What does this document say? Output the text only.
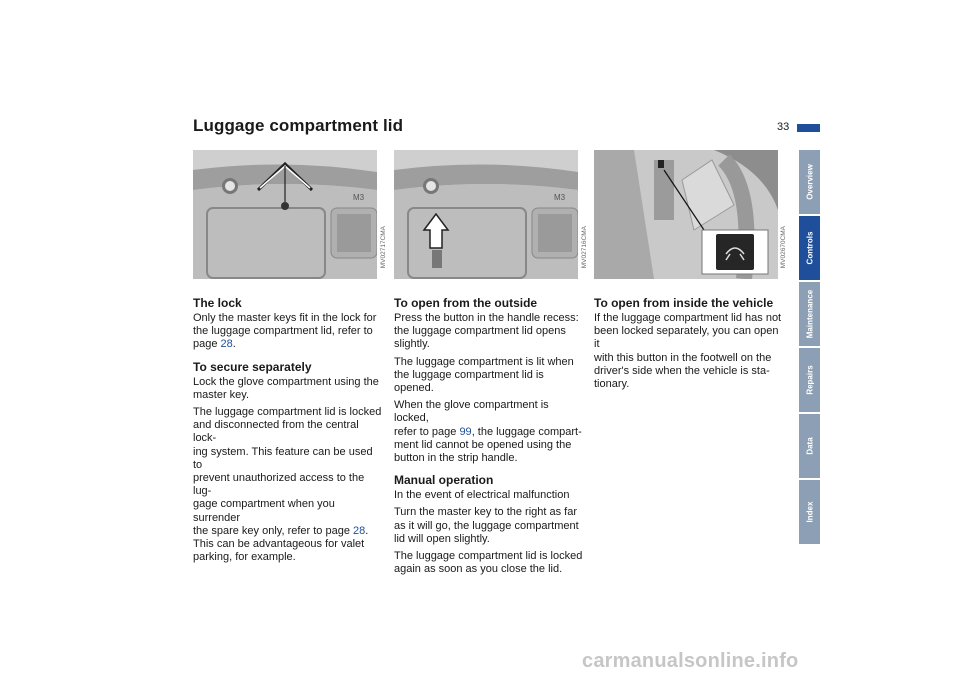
Luggage compartment lid	33
M3
MV02717CMA
M3
MV02716CMA	MV02670CMA
The lock

Only the master keys fit in the lock for
the luggage compartment lid, refer to
page 28.

To secure separately

Lock the glove compartment using the
master key.

The luggage compartment lid is locked
and disconnected from the central lock-
ing system. This feature can be used to
prevent unauthorized access to the lug-
gage compartment when you surrender
the spare key only, refer to page 28.
This can be advantageous for valet
parking, for example.

To open from the outside

Press the button in the handle recess:
the luggage compartment lid opens
slightly.

The luggage compartment is lit when
the luggage compartment lid is opened.

When the glove compartment is locked,
refer to page 99, the luggage compart-
ment lid cannot be opened using the
button in the strip handle.

Manual operation

In the event of electrical malfunction

Turn the master key to the right as far
as it will go, the luggage compartment
lid will open slightly.

The luggage compartment lid is locked
again as soon as you close the lid.

To open from inside the vehicle

If the luggage compartment lid has not
been locked separately, you can open it
with this button in the footwell on the
driver's side when the vehicle is sta-
tionary.

Overview
Controls
Maintenance
Repairs
Data
Index
carmanualsonline.info
